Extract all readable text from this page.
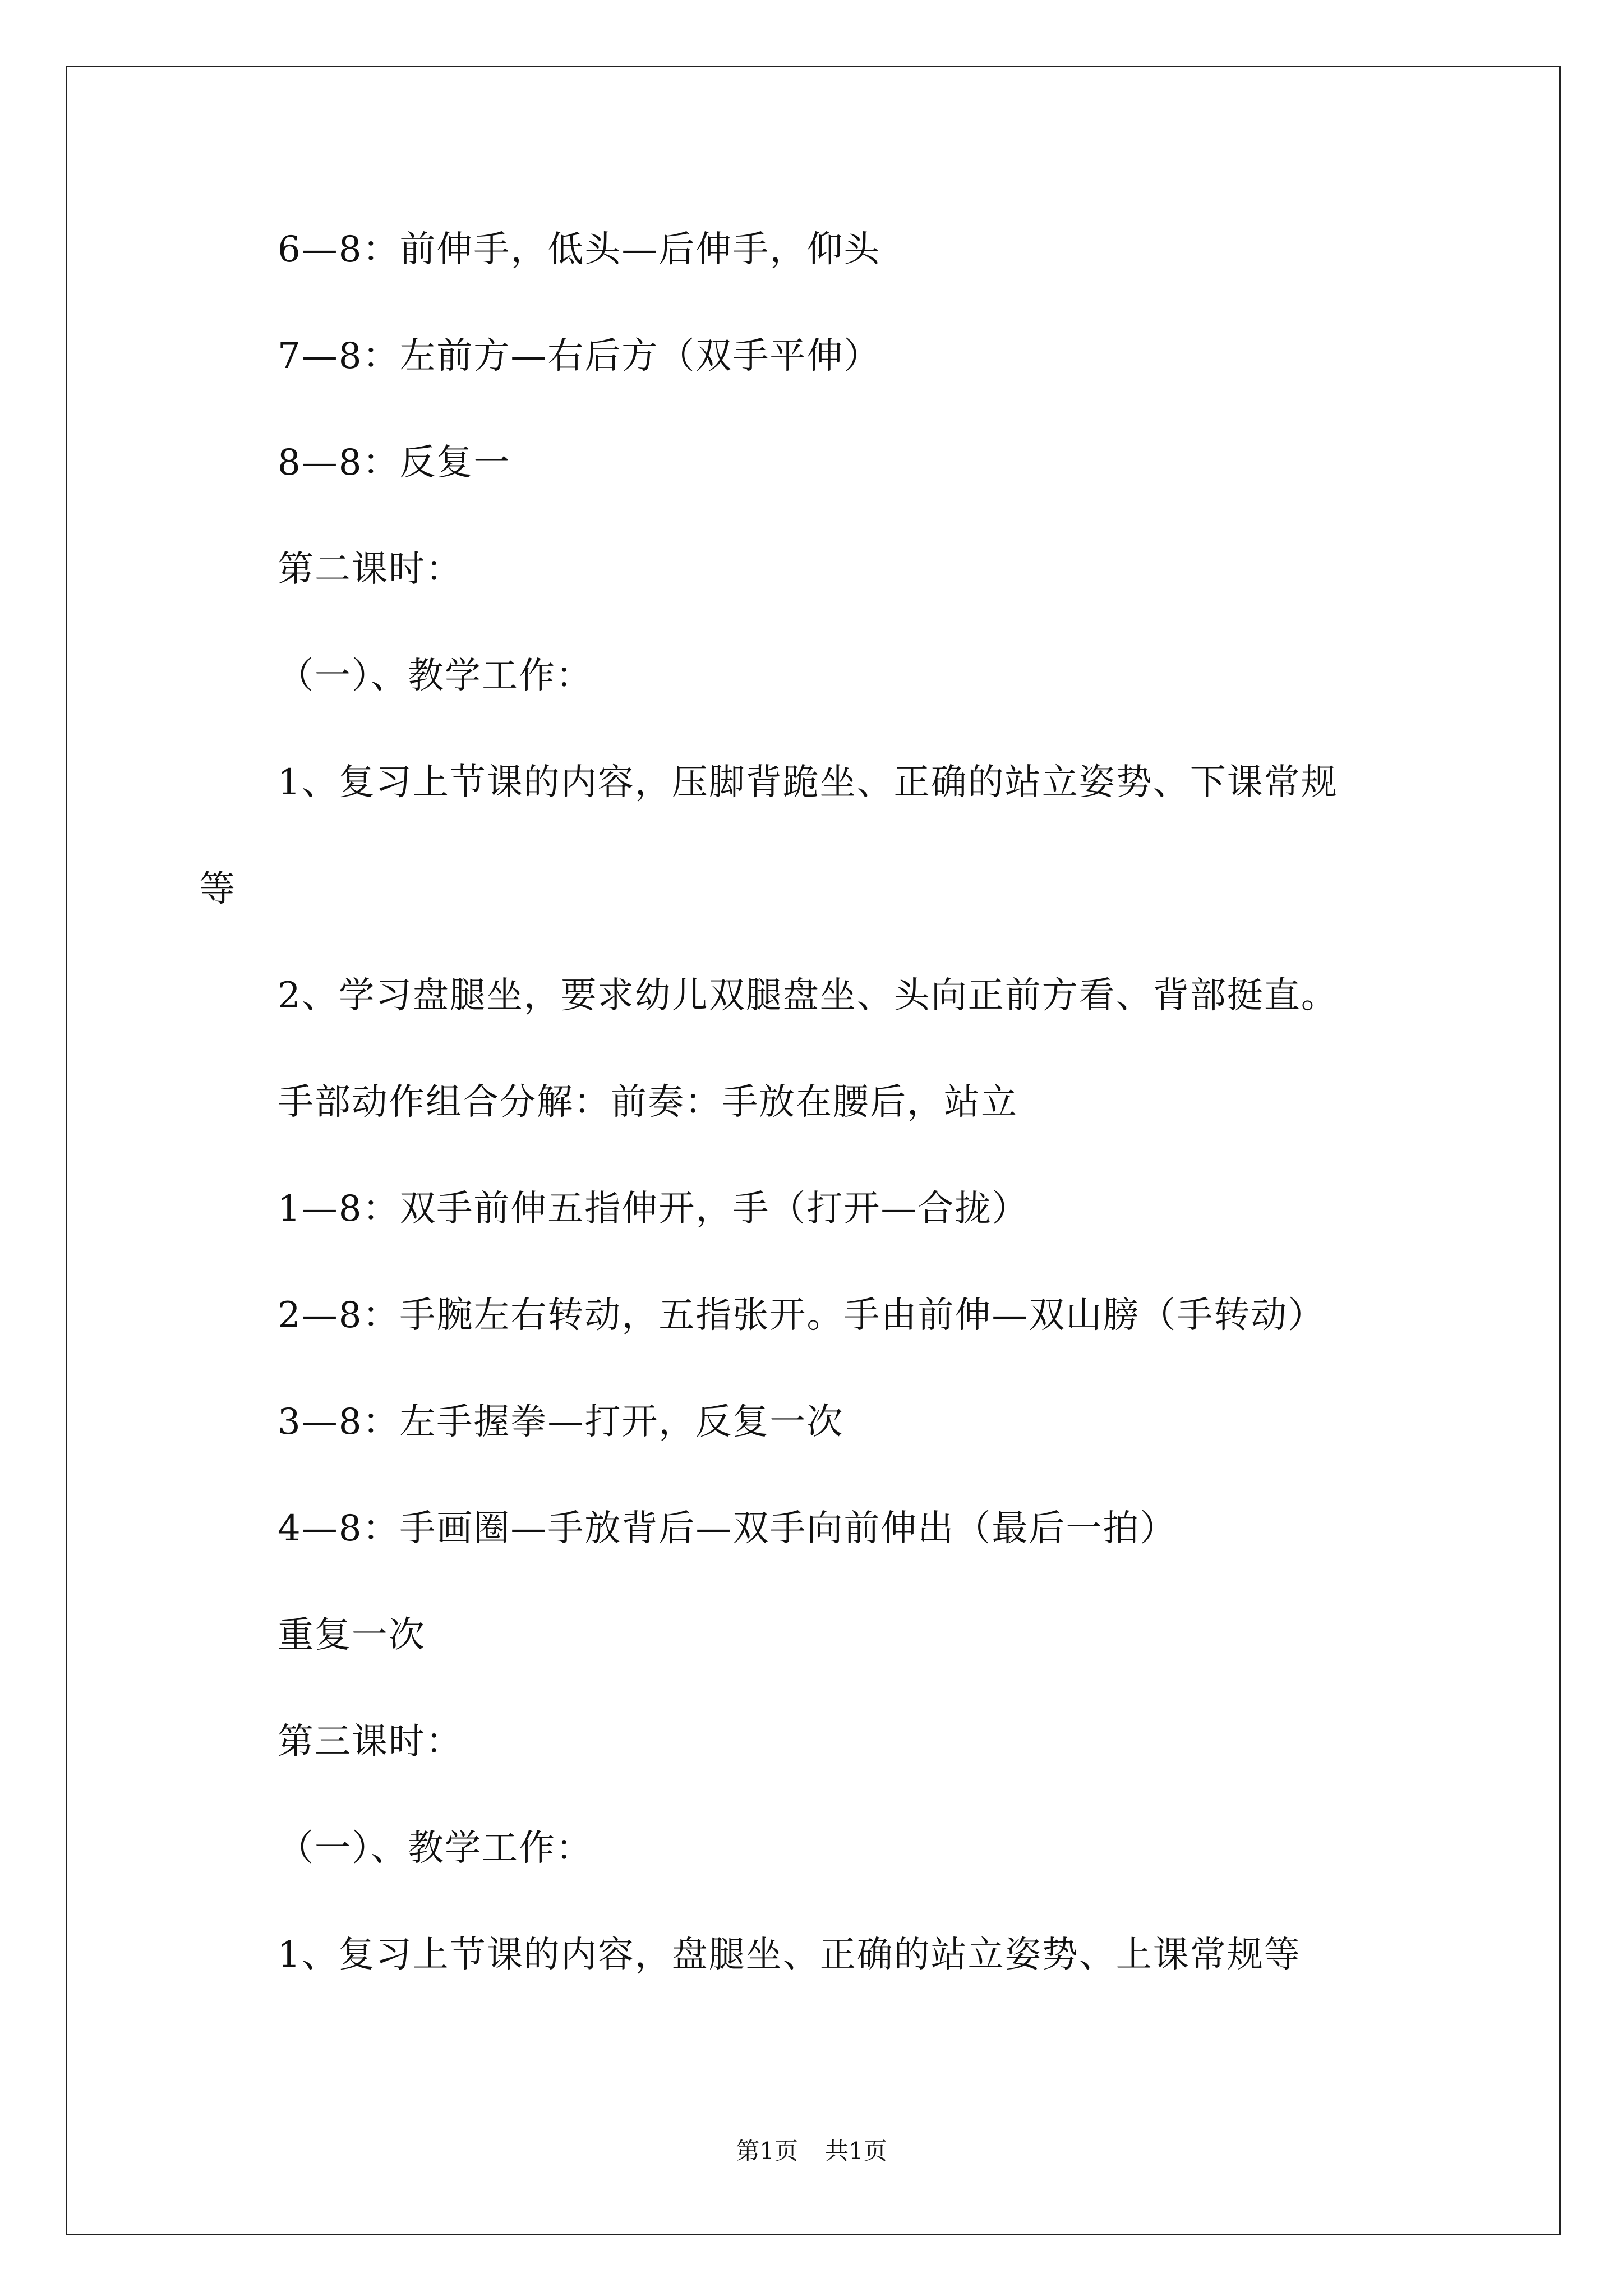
6—8：前伸手，低头—后伸手，仰头
7—8：左前方—右后方（双手平伸）
8—8：反复一
第二课时：
（一）、教学工作：
1、复习上节课的内容，压脚背跪坐、正确的站立姿势、下课常规
等
2、学习盘腿坐，要求幼儿双腿盘坐、头向正前方看、背部挺直。
手部动作组合分解：前奏：手放在腰后，站立
1—8：双手前伸五指伸开，手（打开—合拢）
2—8：手腕左右转动，五指张开。手由前伸—双山膀（手转动）
3—8：左手握拳—打开，反复一次
4—8：手画圈—手放背后—双手向前伸出（最后一拍）
重复一次
第三课时：
（一）、教学工作：
1、复习上节课的内容，盘腿坐、正确的站立姿势、上课常规等
第1页 共1页
